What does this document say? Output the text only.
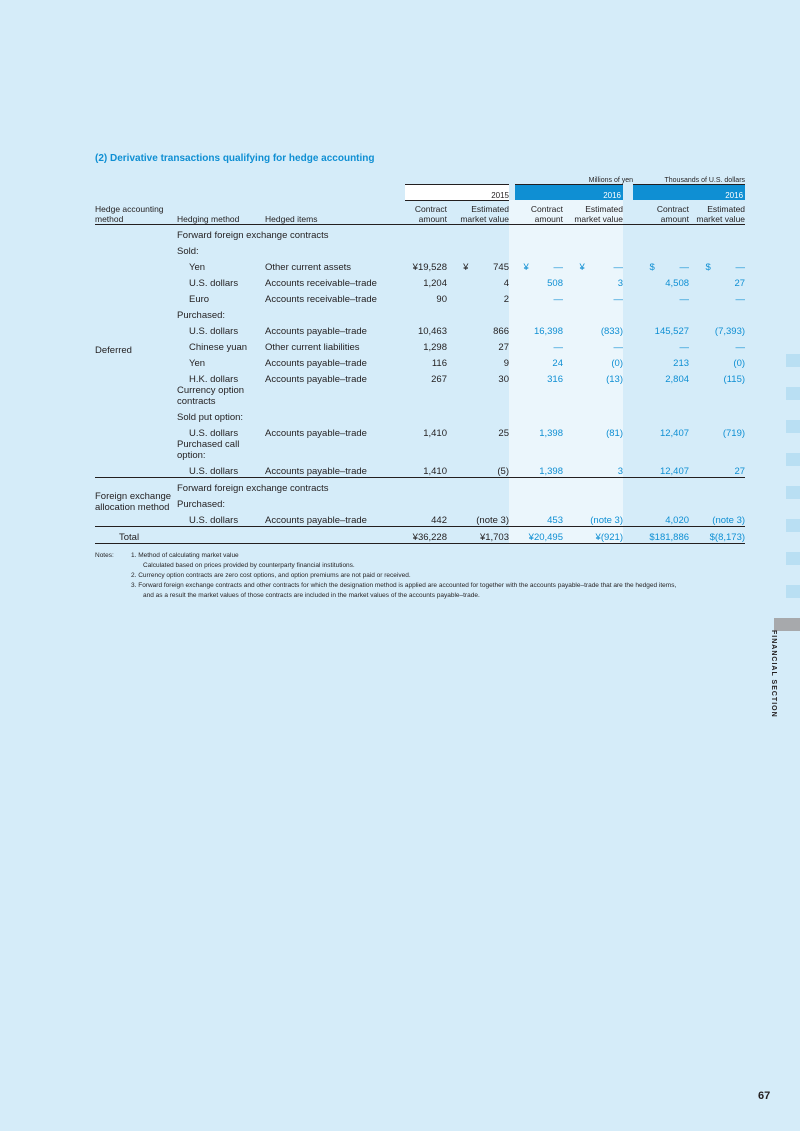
(2) Derivative transactions qualifying for hedge accounting
						Millions of yen			Thousands of U.S. dollars	
			2015			2016			2016	
Hedge accounting method	Hedging method	Hedged items	Contract amount	Estimated market value		Contract amount	Estimated market value		Contract amount	Estimated market value
Deferred	Forward foreign exchange contracts									
	Sold:									
	Yen	Other current assets	¥19,528	¥ 745		¥ —	¥ —		$ —	$ —
	U.S. dollars	Accounts receivable–trade	1,204	4		508	3		4,508	27
	Euro	Accounts receivable–trade	90	2		—	—		—	—
	Purchased:									
	U.S. dollars	Accounts payable–trade	10,463	866		16,398	(833)		145,527	(7,393)
	Chinese yuan	Other current liabilities	1,298	27		—	—		—	—
	Yen	Accounts payable–trade	116	9		24	(0)		213	(0)
	H.K. dollars	Accounts payable–trade	267	30		316	(13)		2,804	(115)
	Currency option contracts									
	Sold put option:									
	U.S. dollars	Accounts payable–trade	1,410	25		1,398	(81)		12,407	(719)
	Purchased call option:									
	U.S. dollars	Accounts payable–trade	1,410	(5)		1,398	3		12,407	27
Foreign exchange allocation method	Forward foreign exchange contracts									
	Purchased:									
	U.S. dollars	Accounts payable–trade	442	(note 3)		453	(note 3)		4,020	(note 3)
Total			¥36,228	¥1,703		¥20,495	¥(921)		$181,886	$(8,173)
Notes:	1. Method of calculating market value
Calculated based on prices provided by counterparty financial institutions.
2. Currency option contracts are zero cost options, and option premiums are not paid or received.
3. Forward foreign exchange contracts and other contracts for which the designation method is applied are accounted for together with the accounts payable–trade that are the hedged items,
and as a result the market values of those contracts are included in the market values of the accounts payable–trade.
FINANCIAL SECTION
67
